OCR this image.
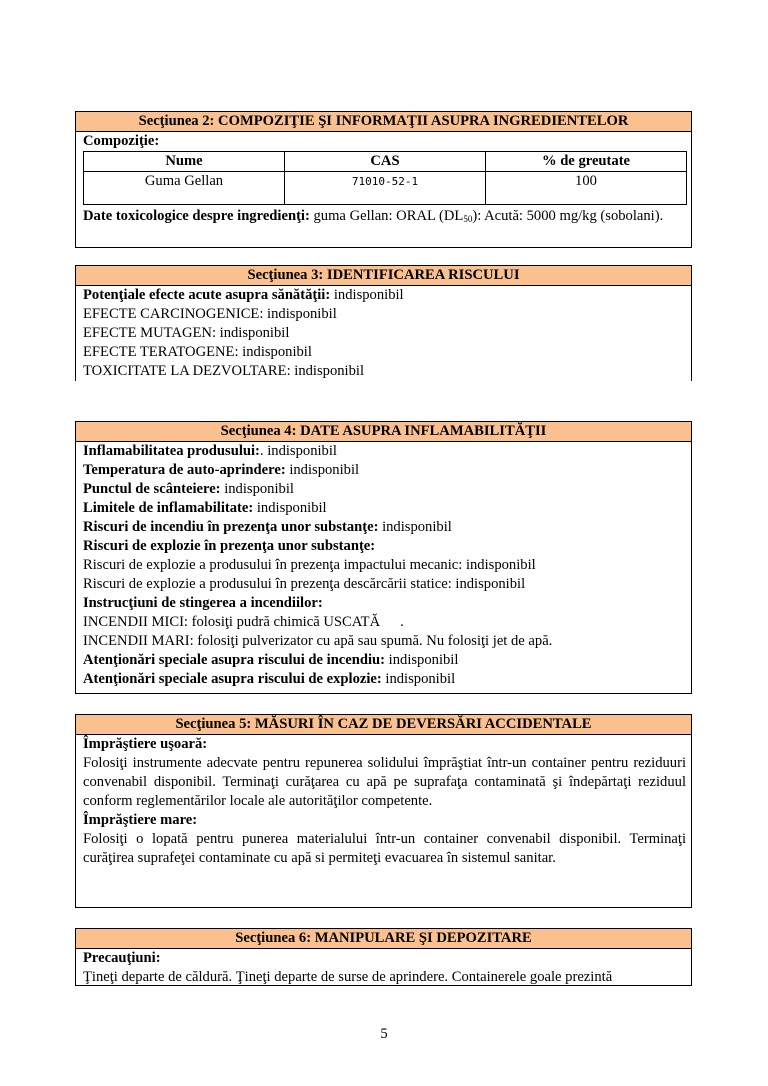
Secţiunea 2: COMPOZIŢIE ŞI INFORMAŢII ASUPRA INGREDIENTELOR
Compoziţie:
Nume	CAS	% de greutate
Guma Gellan	71010-52-1	100
Date toxicologice despre ingredienţi: guma Gellan: ORAL $(DL_{50})$: Acută: 5000 mg/kg (sobolani).
Secţiunea 3: IDENTIFICAREA RISCULUI
Potenţiale efecte acute asupra sănătăţii: indisponibil
EFECTE CARCINOGENICE: indisponibil
EFECTE MUTAGEN: indisponibil
EFECTE TERATOGENE: indisponibil
TOXICITATE LA DEZVOLTARE: indisponibil
Secţiunea 4: DATE ASUPRA INFLAMABILITĂŢII
Inflamabilitatea produsului:. indisponibil
Temperatura de auto-aprindere: indisponibil
Punctul de scânteiere: indisponibil
Limitele de inflamabilitate: indisponibil
Riscuri de incendiu în prezenţa unor substanţe: indisponibil
Riscuri de explozie în prezenţa unor substanţe:
Riscuri de explozie a produsului în prezenţa impactului mecanic: indisponibil
Riscuri de explozie a produsului în prezenţa descărcării statice: indisponibil
Instrucţiuni de stingerea a incendiilor:
INCENDII MICI: folosiţi pudră chimică USCATĂ .
INCENDII MARI: folosiţi pulverizator cu apă sau spumă. Nu folosiţi jet de apă.
Atenţionări speciale asupra riscului de incendiu: indisponibil
Atenţionări speciale asupra riscului de explozie: indisponibil
Secţiunea 5: MĂSURI ÎN CAZ DE DEVERSĂRI ACCIDENTALE
Împrăştiere uşoară:
Folosiţi instrumente adecvate pentru repunerea solidului împrăştiat într-un container pentru reziduuri convenabil disponibil. Terminaţi curăţarea cu apă pe suprafaţa contaminată şi îndepărtaţi reziduul conform reglementărilor locale ale autorităţilor competente.
Împrăştiere mare:
Folosiţi o lopată pentru punerea materialului într-un container convenabil disponibil. Terminaţi curăţirea suprafeţei contaminate cu apă si permiteţi evacuarea în sistemul sanitar.
Secţiunea 6: MANIPULARE ŞI DEPOZITARE
Precauţiuni:
Ţineţi departe de căldură. Ţineţi departe de surse de aprindere. Containerele goale prezintă
5
